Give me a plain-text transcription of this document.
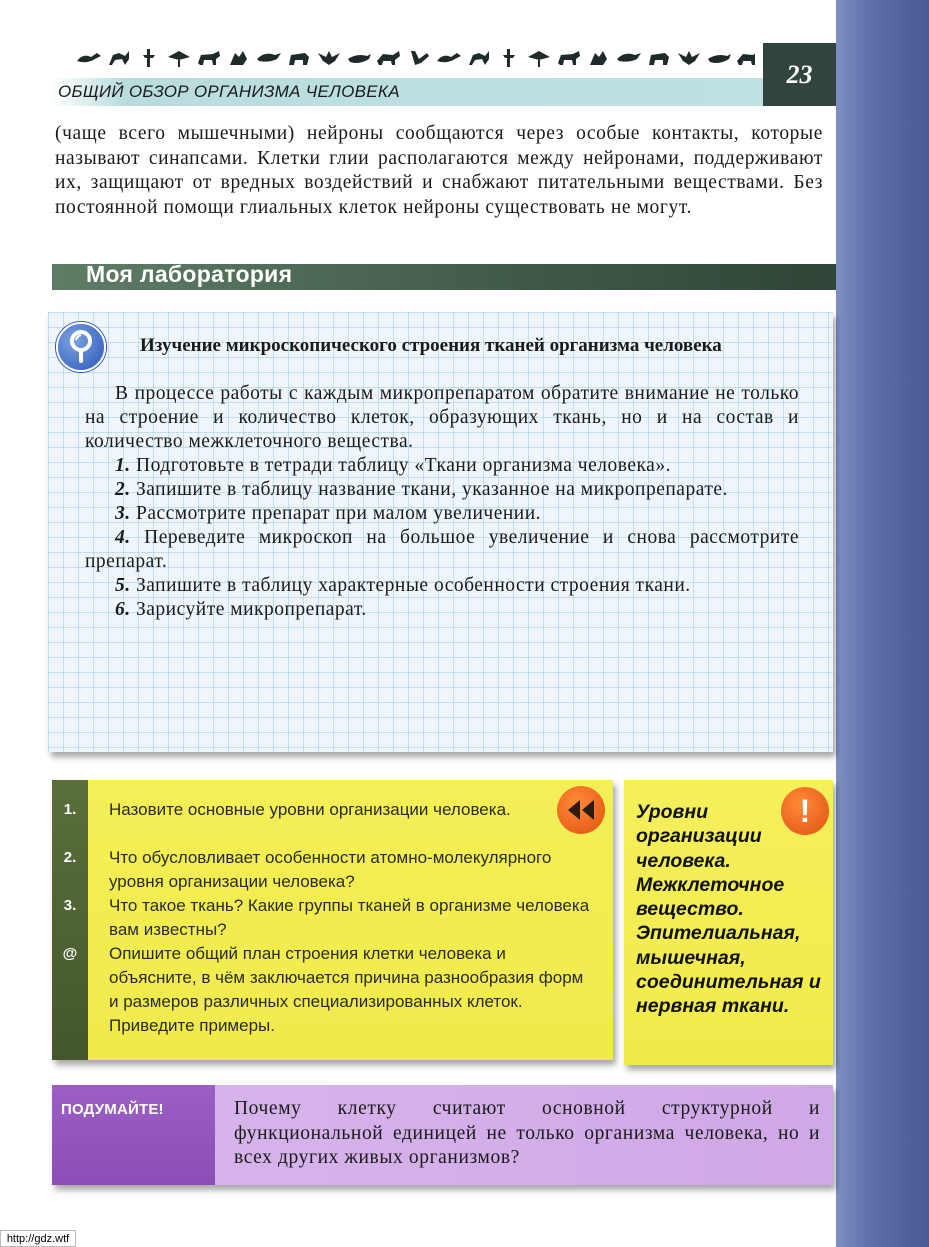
ОБЩИЙ ОБЗОР ОРГАНИЗМА ЧЕЛОВЕКА
23

(чаще всего мышечными) нейроны сообщаются через особые контакты, которые называют синапсами. Клетки глии располагаются между нейронами, поддерживают их, защищают от вредных воздействий и снабжают питательными веществами. Без постоянной помощи глиальных клеток нейроны существовать не могут.

Моя лаборатория
Изучение микроскопического строения тканей организма человека

В процессе работы с каждым микропрепаратом обратите внимание не только на строение и количество клеток, образующих ткань, но и на состав и количество межклеточного вещества.

1. Подготовьте в тетради таблицу «Ткани организма человека».

2. Запишите в таблицу название ткани, указанное на микропрепарате.

3. Рассмотрите препарат при малом увеличении.

4. Переведите микроскоп на большое увеличение и снова рассмотрите препарат.

5. Запишите в таблицу характерные особенности строения ткани.

6. Зарисуйте микропрепарат.

1.
2.
3.
@
Назовите основные уровни организации человека.
Что обусловливает особенности атомно-молекулярного уровня организации человека?
Что такое ткань? Какие группы тканей в организме человека вам известны?
Опишите общий план строения клетки человека и объясните, в чём заключается причина разнообразия форм и размеров различных специализированных клеток. Приведите примеры.
!
Уровни организации человека. Межклеточное вещество. Эпителиальная, мышечная, соединительная и нервная ткани.
ПОДУМАЙТЕ!	Почему клетку считают основной структурной и функциональной единицей не только организма человека, но и всех других живых организмов?
http://gdz.wtf
